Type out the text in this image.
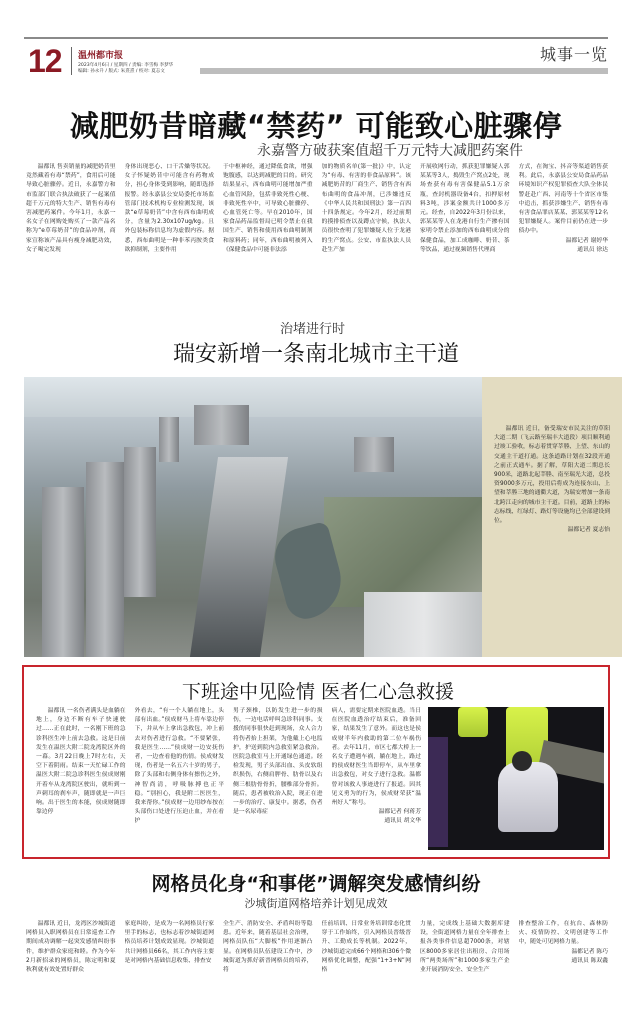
12 温州都市报
2023年4月6日 / 星期四 / 责编: 李雪梅 李梦华
编辑: 孙永升 / 版式: 朱熹熹 / 校对: 夏志文
城事一览
减肥奶昔暗藏“禁药” 可能致心脏骤停
永嘉警方破获案值超千万元特大减肥药案件

温都讯 售卖销量的减肥奶昔里竟然藏着有毒“禁药”，食用后可能导致心脏骤停。近日，永嘉警方和市监部门联合执法破获了一起案值超千万元的特大生产、销售有毒有害减肥药案件。今年1月，永嘉一名女子在网购处购买了一款产品名称为“e草莓奶昔”的食品冲剂，商家宣称该产品具有瘦身减肥功效，女子喝完发现

身体出现恶心、口干舌燥等状况。女子怀疑奶昔中可能含有药物成分，担心身体受到影响，随即选择报警。经永嘉县公安局委托市场监管部门技术机构专业检测发现，该款“e草莓奶昔”中含有西布曲明成分，含量为2.30x107ug/kg。且外包装标称信息均为虚假内容。据悉，西布曲明是一种非苯丙胺类食欲抑制剂，主要作用

于中枢神经，通过降低食欲，增强饱腹感，以达到减肥的目的。研究结果显示，西布曲明可能增加严重心血管风险，包括非致死性心梗、非致死性卒中，可导致心脏骤停、心血管死亡等。早在2010年，国家食品药品监督局已明令禁止在我国生产、销售和使用西布曲明制剂和原料药；同年，西布曲明被列入《保健食品中可能非法添

加的物质名单(第一批)》中，认定为“有毒、有害的非食品原料”。该减肥奶昔的厂商生产、销售含有西布曲明的食品冲剂，已涉嫌违反《中华人民共和国刑法》第一百四十四条规定。今年2月，经过前期的摸排侦查以及蹲点守候，执法人员很快查明了犯罪嫌疑人位于龙港的生产窝点。公安、市监执法人员赴生产加

开展收网行动，抓获犯罪嫌疑人郭某某等3人，捣毁生产窝点2处，现场查获有毒有害保健品5.1万余瓶，查封机器设备4台，扣押原材料3吨，涉案金额共计1000多万元。经查，自2022年3月份以来，郭某某等人在龙港自行生产掺有国家明令禁止添加的西布曲明成分的保健食品，加工成咖啡、奶昔、茶等饮品，通过视频销售代理商

方式，在淘宝、抖音等渠道销售获利。此后，永嘉县公安局食品药品环境知识产权犯罪侦查大队全体民警赶赴广西、河南等十个省区市集中追击，抓获涉嫌生产、销售有毒有害食品罪店某某、郭某某等12名犯罪嫌疑人。案件目前仍在进一步侦办中。

温都记者 谢婷华
通讯员 徐达
治堵进行时
瑞安新增一条南北城市主干道

温都讯 近日，备受瑞安市民关注的草阳大道二期（飞云路至瑞丰大道段）项目顺利通过竣工验收，标志着贯穿莘塍、上望、东山的交通主干道打通。这条道路计划在32段开通之前正式通车。据了解，草阳大道二期总长900米，道路北起莘塍、南至瑞光大道，总投资9000多万元，投用后将成为连接东山、上望和莘塍三地的通衢大道，为瑞安增加一条南北跨江走向的城市主干道。目前，道路上的标志标线、红绿灯、路灯等设施均已全部建设到位。

温都记者 夏志怡
下班途中见险情 医者仁心急救援

温都讯 一名伤者满头是血躺在地上，身边不断有车子快速驶过……正在此时，一名刚下班的急诊科医生冲上前去急救。这是日前发生在温医大附二院龙湾院区外的一幕。3月22日晚上7时左右，天空下着阴雨。结束一天忙碌工作的温医大附二院急诊科医生侯成财刚开着车从龙湾院区驶出，就听到一声刺耳的刹车声，随即就是一声巨响。出于医生的本能，侯成财随即靠边停

外看去，“有一个人躺在地上，头部有出血。”侯成财马上将车靠边停下，并从车上拿出急救包，冲上前去对伤者进行急救。“不要紧张，我是医生……”侯成财一边安抚伤者，一边查看他的伤情。侯成财发现，伤者是一名五六十岁的男子，除了头部和右侧身体有擦伤之外，神智尚清，呼吸脉搏也正平稳。“别担心，我是附二医医生，我来帮你。”侯成财一边用纱布按在头部伤口处进行压迫止血，并在看护

男子颈椎，以防发生进一步的损伤，一边电话呼叫急诊科同事。支援的同事很快赶到现场，众人合力将伤者抬上担架，为他戴上心电监护，护送到院内急救室紧急救治。医院急救室马上开通绿色通道。经检发现，男子头部出血、头皮软组织损伤，右侧肩胛骨、肋骨以及右侧三根肋骨骨折，腰椎部分骨折。随后，患者被收治入院，现正在进一步的治疗、康复中。据悉，伤者是一名尿毒症

病人，需要定期来医院血透。当日在医院血透治疗结束后，准备回家，结果发生了意外。而这也是侯成财半年内救助的第二位车祸伤者。去年11月，市区七都大桥上一名女子遭遇车祸，躺在地上，路过的侯成财医生当即停车，从车里拿出急救包，对女子进行急救。温都曾对该救人事迹进行了报道。因其见义勇为的行为，侯成财荣获“温州好人”称号。

温都记者 何蒋芳
通讯员 胡文华
网格员化身“和事佬”调解突发感情纠纷
沙城街道网格培养计划见成效

温都讯 近日，龙湾区沙城街道网格员入职网格员在日常巡查工作期间成功调解一起突发感情纠纷事件，维护群众家庭和睦。作为今年2月新招录的网格员，陈定明和夏秋利就有效处置好群众

家庭纠纷，是成为一名网格员行家里手的标志，也标志着沙城街道网格员培养计划成效显现。沙城街道共计网格员66名，其工作内容主要是对网格内基础信息收集、排查安

全生产、消防安全、矛盾纠纷等隐患。近年来，随着基层社会治理，网格员队伍“大脚板”作用逐渐凸显。在网格员队伍建设工作中，沙城街道为抓好新晋网格员的培养，将

任前培训、日常业务培训常态化贯穿于工作始终，引入网格员晋级晋升、工勤成长等机制。2022年，沙城街道完成66个网格和306个微网格优化调整，配强“1+3+N”网格

力量，完成线上基础大数据库建设，全街道网格力量在全年排查上报各类事件信息超7000条，对辖区8000多家居住出租房、合用场所“两类场所”和1000多家生产企业开展消防安全、安全生产

排查整治工作，在抗台、森林防火、疫情防控、文明创建等工作中，随处可见网格力量。

温都记者 陈巧
通讯员 陈双鑫
